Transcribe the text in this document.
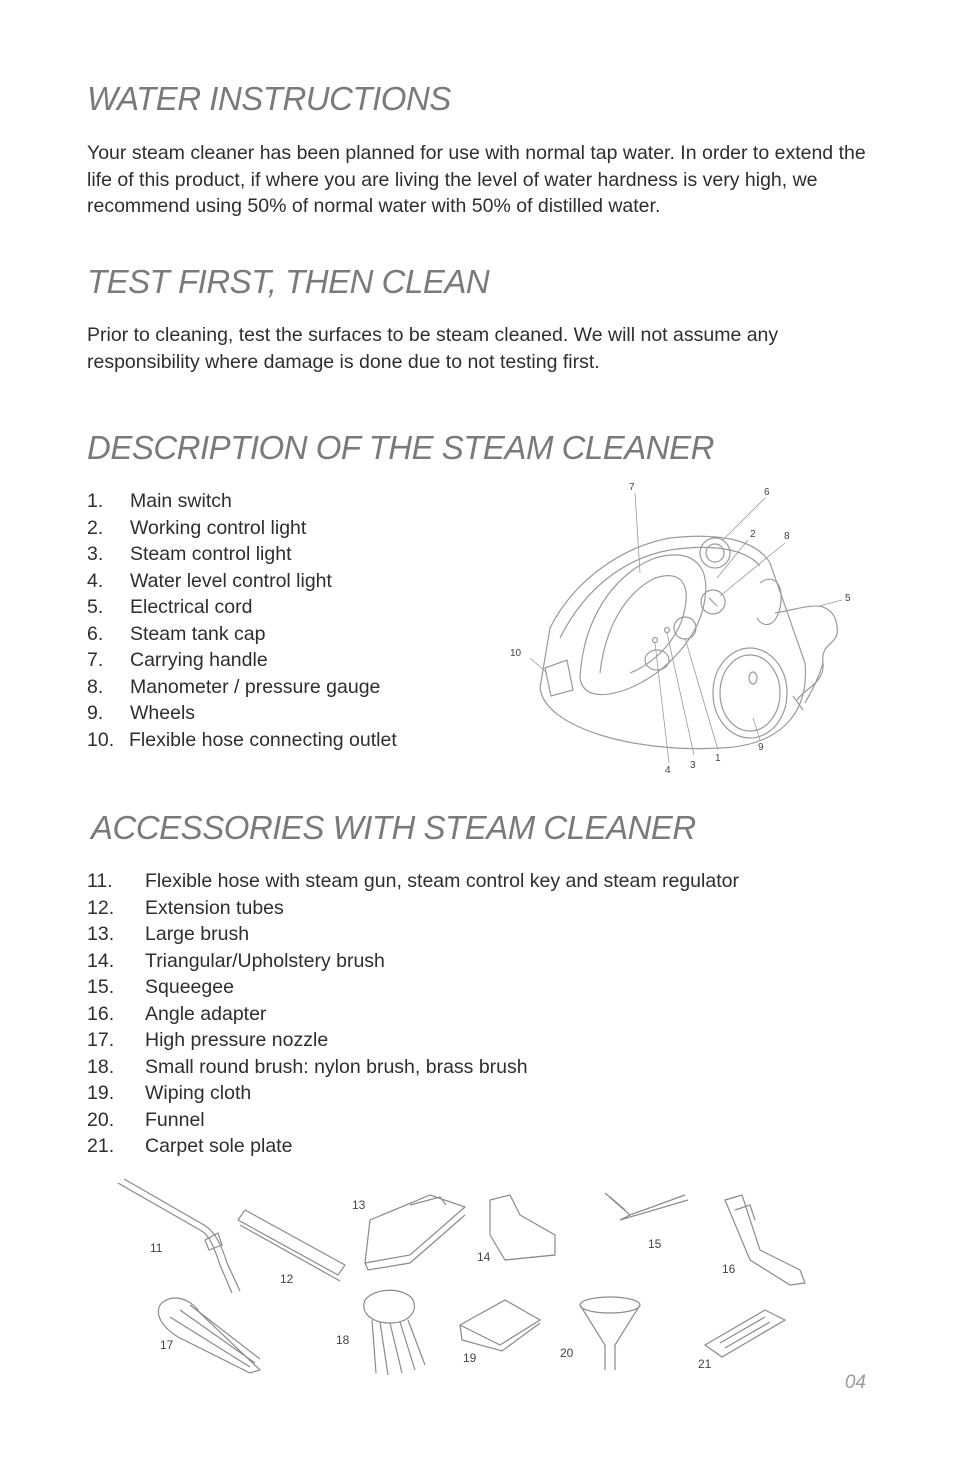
WATER INSTRUCTIONS

Your steam cleaner has been planned for use with normal tap water. In order to extend the life of this product, if where you are living the level of water hardness is very high, we recommend using 50% of normal water with 50% of distilled water.

TEST FIRST, THEN CLEAN

Prior to cleaning, test the surfaces to be steam cleaned. We will not assume any responsibility where damage is done due to not testing first.

DESCRIPTION OF THE STEAM CLEANER
1. Main switch
2. Working control light
3. Steam control light
4. Water level control light
5. Electrical cord
6. Steam tank cap
7. Carrying handle
8. Manometer / pressure gauge
9. Wheels
10. Flexible hose connecting outlet
1
2
3
4
5
6
7
8
9
10
ACCESSORIES WITH STEAM CLEANER
11. Flexible hose with steam gun, steam control key and steam regulator
12. Extension tubes
13. Large brush
14. Triangular/Upholstery brush
15. Squeegee
16. Angle adapter
17. High pressure nozzle
18. Small round brush: nylon brush, brass brush
19. Wiping cloth
20. Funnel
21. Carpet sole plate
11
12
13
14
15
16
17	18
19	20
21
04
